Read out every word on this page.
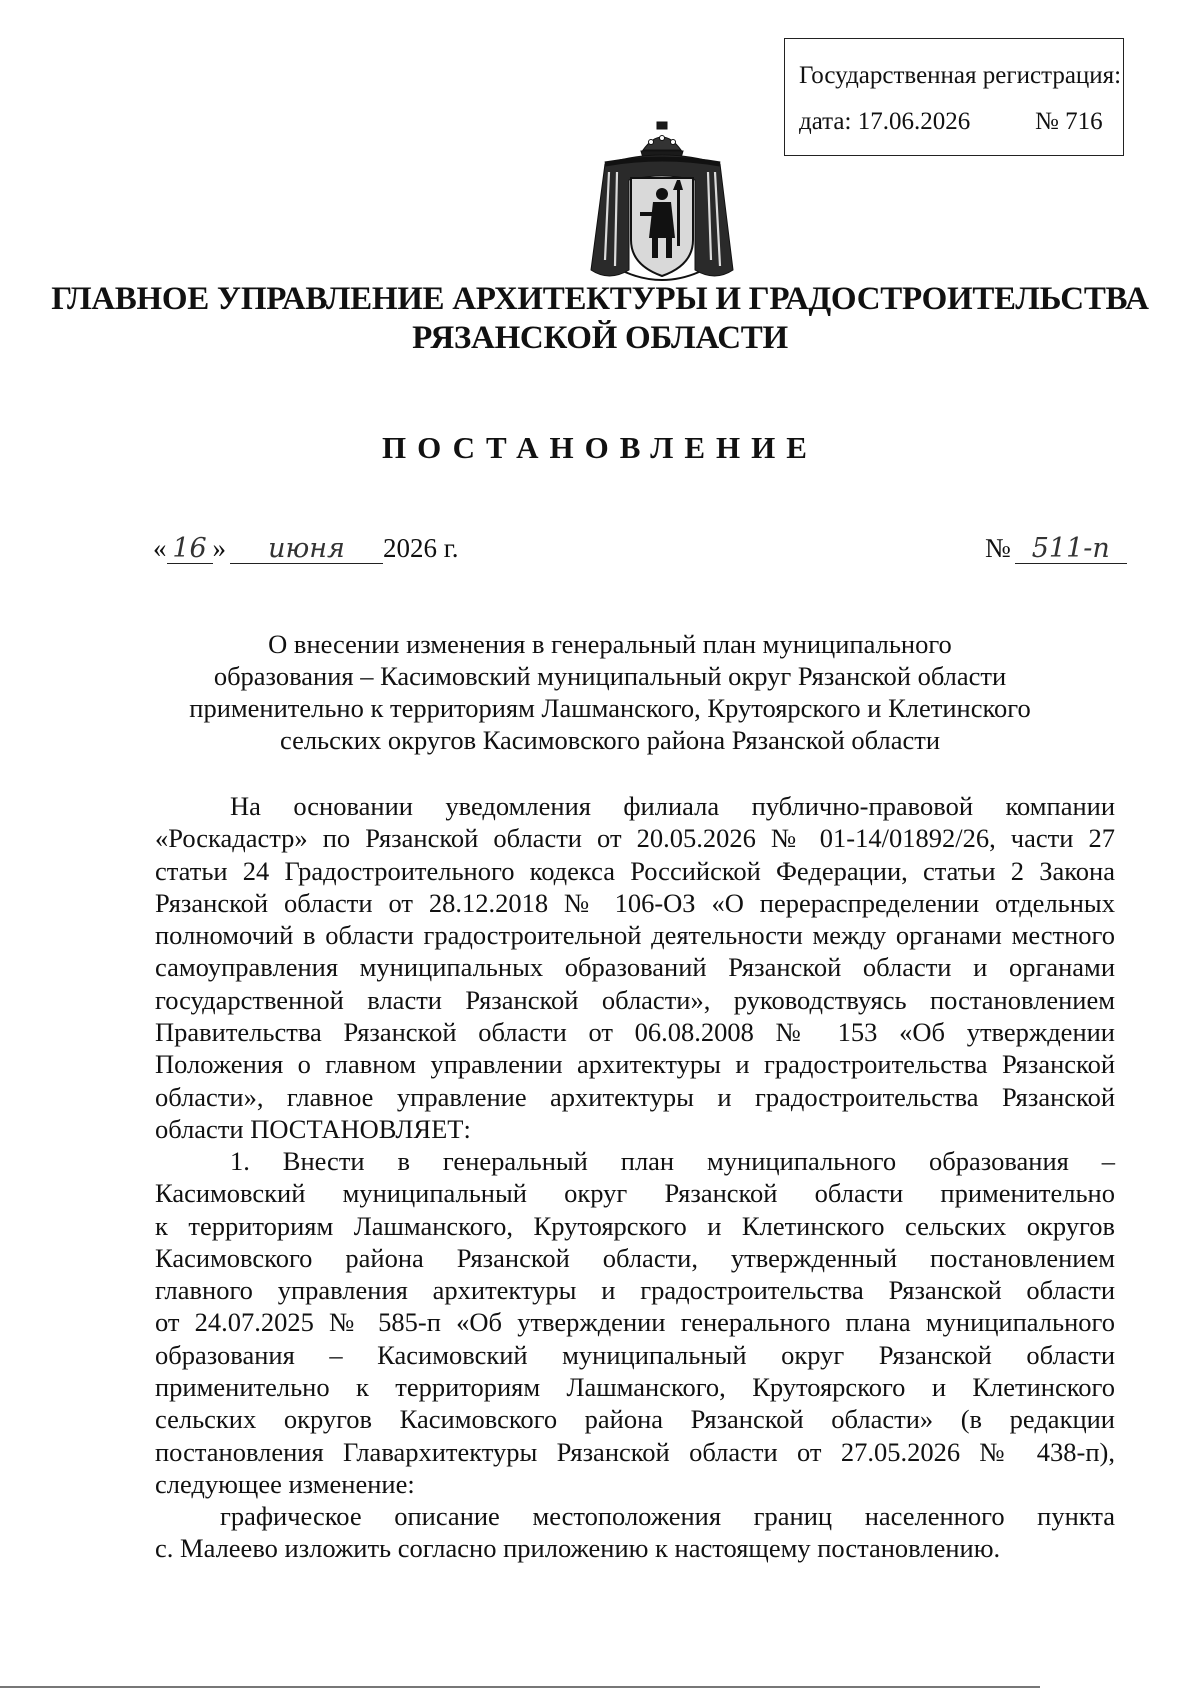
Государственная регистрация:
дата: 17.06.2026	№ 716
ГЛАВНОЕ УПРАВЛЕНИЕ АРХИТЕКТУРЫ И ГРАДОСТРОИТЕЛЬСТВА
РЯЗАНСКОЙ ОБЛАСТИ
ПОСТАНОВЛЕНИЕ
« 16 » июня 2026 г.	№ 511-п
О внесении изменения в генеральный план муниципального
образования – Касимовский муниципальный округ Рязанской области
применительно к территориям Лашманского, Крутоярского и Клетинского
сельских округов Касимовского района Рязанской области
На основании уведомления филиала публично-правовой компании
«Роскадастр» по Рязанской области от 20.05.2026 № 01-14/01892/26, части 27
статьи 24 Градостроительного кодекса Российской Федерации, статьи 2 Закона
Рязанской области от 28.12.2018 № 106-ОЗ «О перераспределении отдельных
полномочий в области градостроительной деятельности между органами местного
самоуправления муниципальных образований Рязанской области и органами
государственной власти Рязанской области», руководствуясь постановлением
Правительства Рязанской области от 06.08.2008 № 153 «Об утверждении
Положения о главном управлении архитектуры и градостроительства Рязанской
области», главное управление архитектуры и градостроительства Рязанской
области ПОСТАНОВЛЯЕТ:
1. Внести в генеральный план муниципального образования –
Касимовский муниципальный округ Рязанской области применительно
к территориям Лашманского, Крутоярского и Клетинского сельских округов
Касимовского района Рязанской области, утвержденный постановлением
главного управления архитектуры и градостроительства Рязанской области
от 24.07.2025 № 585-п «Об утверждении генерального плана муниципального
образования – Касимовский муниципальный округ Рязанской области
применительно к территориям Лашманского, Крутоярского и Клетинского
сельских округов Касимовского района Рязанской области» (в редакции
постановления Главархитектуры Рязанской области от 27.05.2026 № 438-п),
следующее изменение:
графическое описание местоположения границ населенного пункта
с. Малеево изложить согласно приложению к настоящему постановлению.
